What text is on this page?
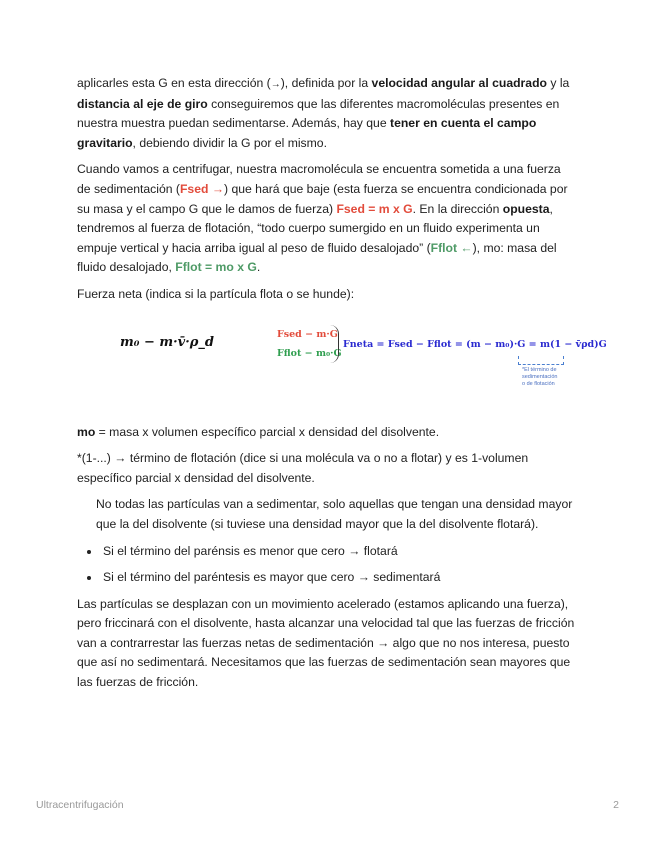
aplicarles esta G en esta dirección (→), definida por la velocidad angular al cuadrado y la distancia al eje de giro conseguiremos que las diferentes macromoléculas presentes en nuestra muestra puedan sedimentarse. Además, hay que tener en cuenta el campo gravitario, debiendo dividir la G por el mismo.

Cuando vamos a centrifugar, nuestra macromolécula se encuentra sometida a una fuerza de sedimentación (Fsed →) que hará que baje (esta fuerza se encuentra condicionada por su masa y el campo G que le damos de fuerza) Fsed = m x G. En la dirección opuesta, tendremos al fuerza de flotación, “todo cuerpo sumergido en un fluido experimenta un empuje vertical y hacia arriba igual al peso de fluido desalojado” (Fflot ←), mo: masa del fluido desalojado, Fflot = mo x G.

Fuerza neta (indica si la partícula flota o se hunde):

m₀ − m·v̄·ρ_d
Fsed − m·G
Fflot − m₀·G
Fneta = Fsed − Fflot = (m − m₀)·G = m(1 − v̄ρd)G
*El término de sedimentación
o de flotación

mo = masa x volumen específico parcial x densidad del disolvente.

*(1-...) → término de flotación (dice si una molécula va o no a flotar) y es 1-volumen específico parcial x densidad del disolvente.

No todas las partículas van a sedimentar, solo aquellas que tengan una densidad mayor que la del disolvente (si tuviese una densidad mayor que la del disolvente flotará).

Si el término del parénsis es menor que cero → flotará
Si el término del paréntesis es mayor que cero → sedimentará

Las partículas se desplazan con un movimiento acelerado (estamos aplicando una fuerza), pero friccinará con el disolvente, hasta alcanzar una velocidad tal que las fuerzas de fricción van a contrarrestar las fuerzas netas de sedimentación → algo que no nos interesa, puesto que así no sedimentará. Necesitamos que las fuerzas de sedimentación sean mayores que las fuerzas de fricción.

Ultracentrifugación	2
